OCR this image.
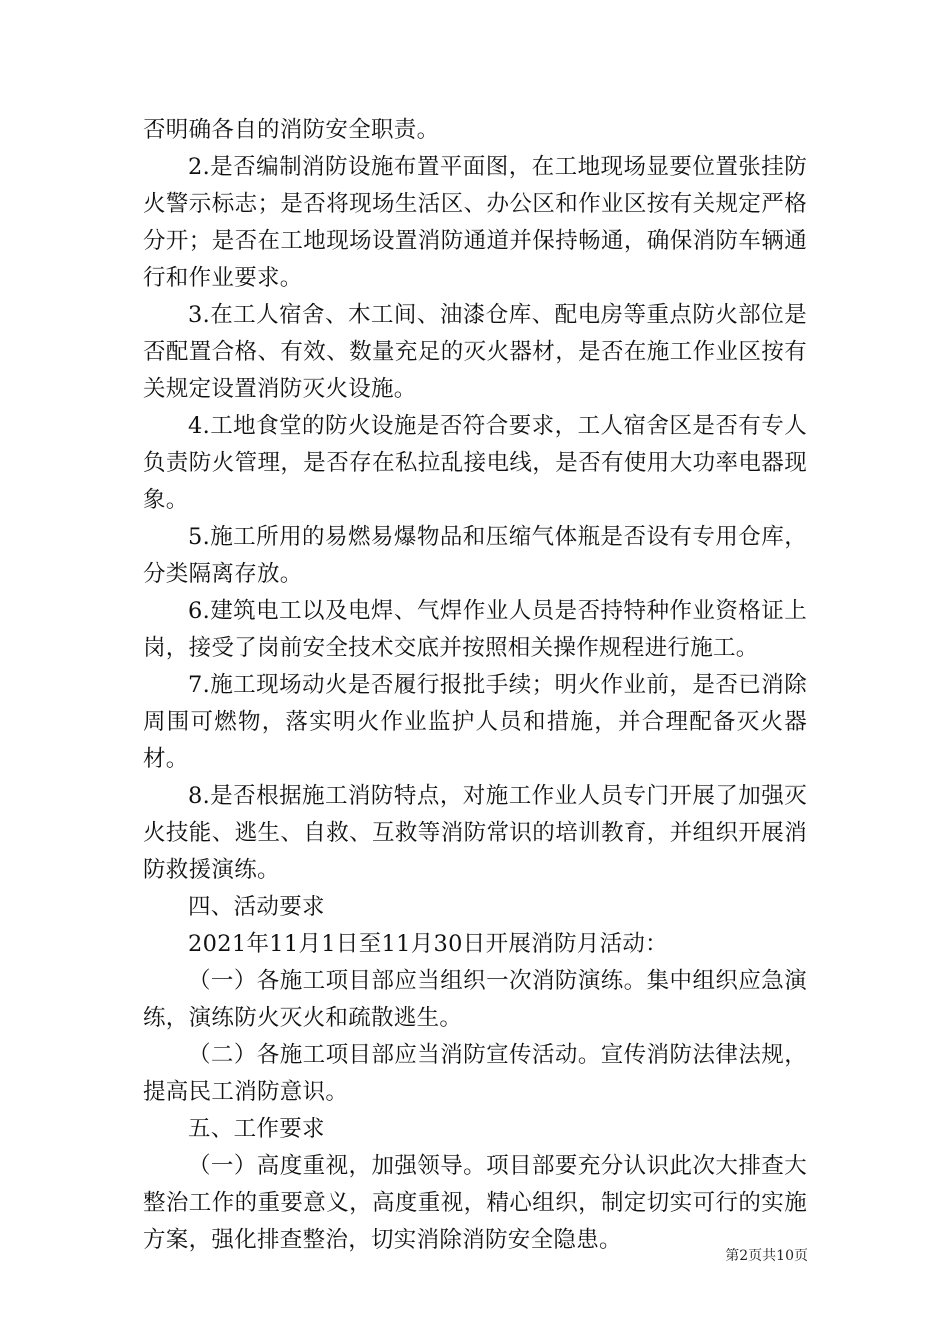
否明确各自的消防安全职责。

2.是否编制消防设施布置平面图，在工地现场显要位置张挂防火警示标志；是否将现场生活区、办公区和作业区按有关规定严格分开；是否在工地现场设置消防通道并保持畅通，确保消防车辆通行和作业要求。

3.在工人宿舍、木工间、油漆仓库、配电房等重点防火部位是否配置合格、有效、数量充足的灭火器材，是否在施工作业区按有关规定设置消防灭火设施。

4.工地食堂的防火设施是否符合要求，工人宿舍区是否有专人负责防火管理，是否存在私拉乱接电线，是否有使用大功率电器现象。

5.施工所用的易燃易爆物品和压缩气体瓶是否设有专用仓库，分类隔离存放。

6.建筑电工以及电焊、气焊作业人员是否持特种作业资格证上岗，接受了岗前安全技术交底并按照相关操作规程进行施工。

7.施工现场动火是否履行报批手续；明火作业前，是否已消除周围可燃物，落实明火作业监护人员和措施，并合理配备灭火器材。

8.是否根据施工消防特点，对施工作业人员专门开展了加强灭火技能、逃生、自救、互救等消防常识的培训教育，并组织开展消防救援演练。

四、活动要求

2021年11月1日至11月30日开展消防月活动：

（一）各施工项目部应当组织一次消防演练。集中组织应急演练，演练防火灭火和疏散逃生。

（二）各施工项目部应当消防宣传活动。宣传消防法律法规，提高民工消防意识。

五、工作要求

（一）高度重视，加强领导。项目部要充分认识此次大排查大整治工作的重要意义，高度重视，精心组织，制定切实可行的实施方案，强化排查整治，切实消除消防安全隐患。

第2页共10页
